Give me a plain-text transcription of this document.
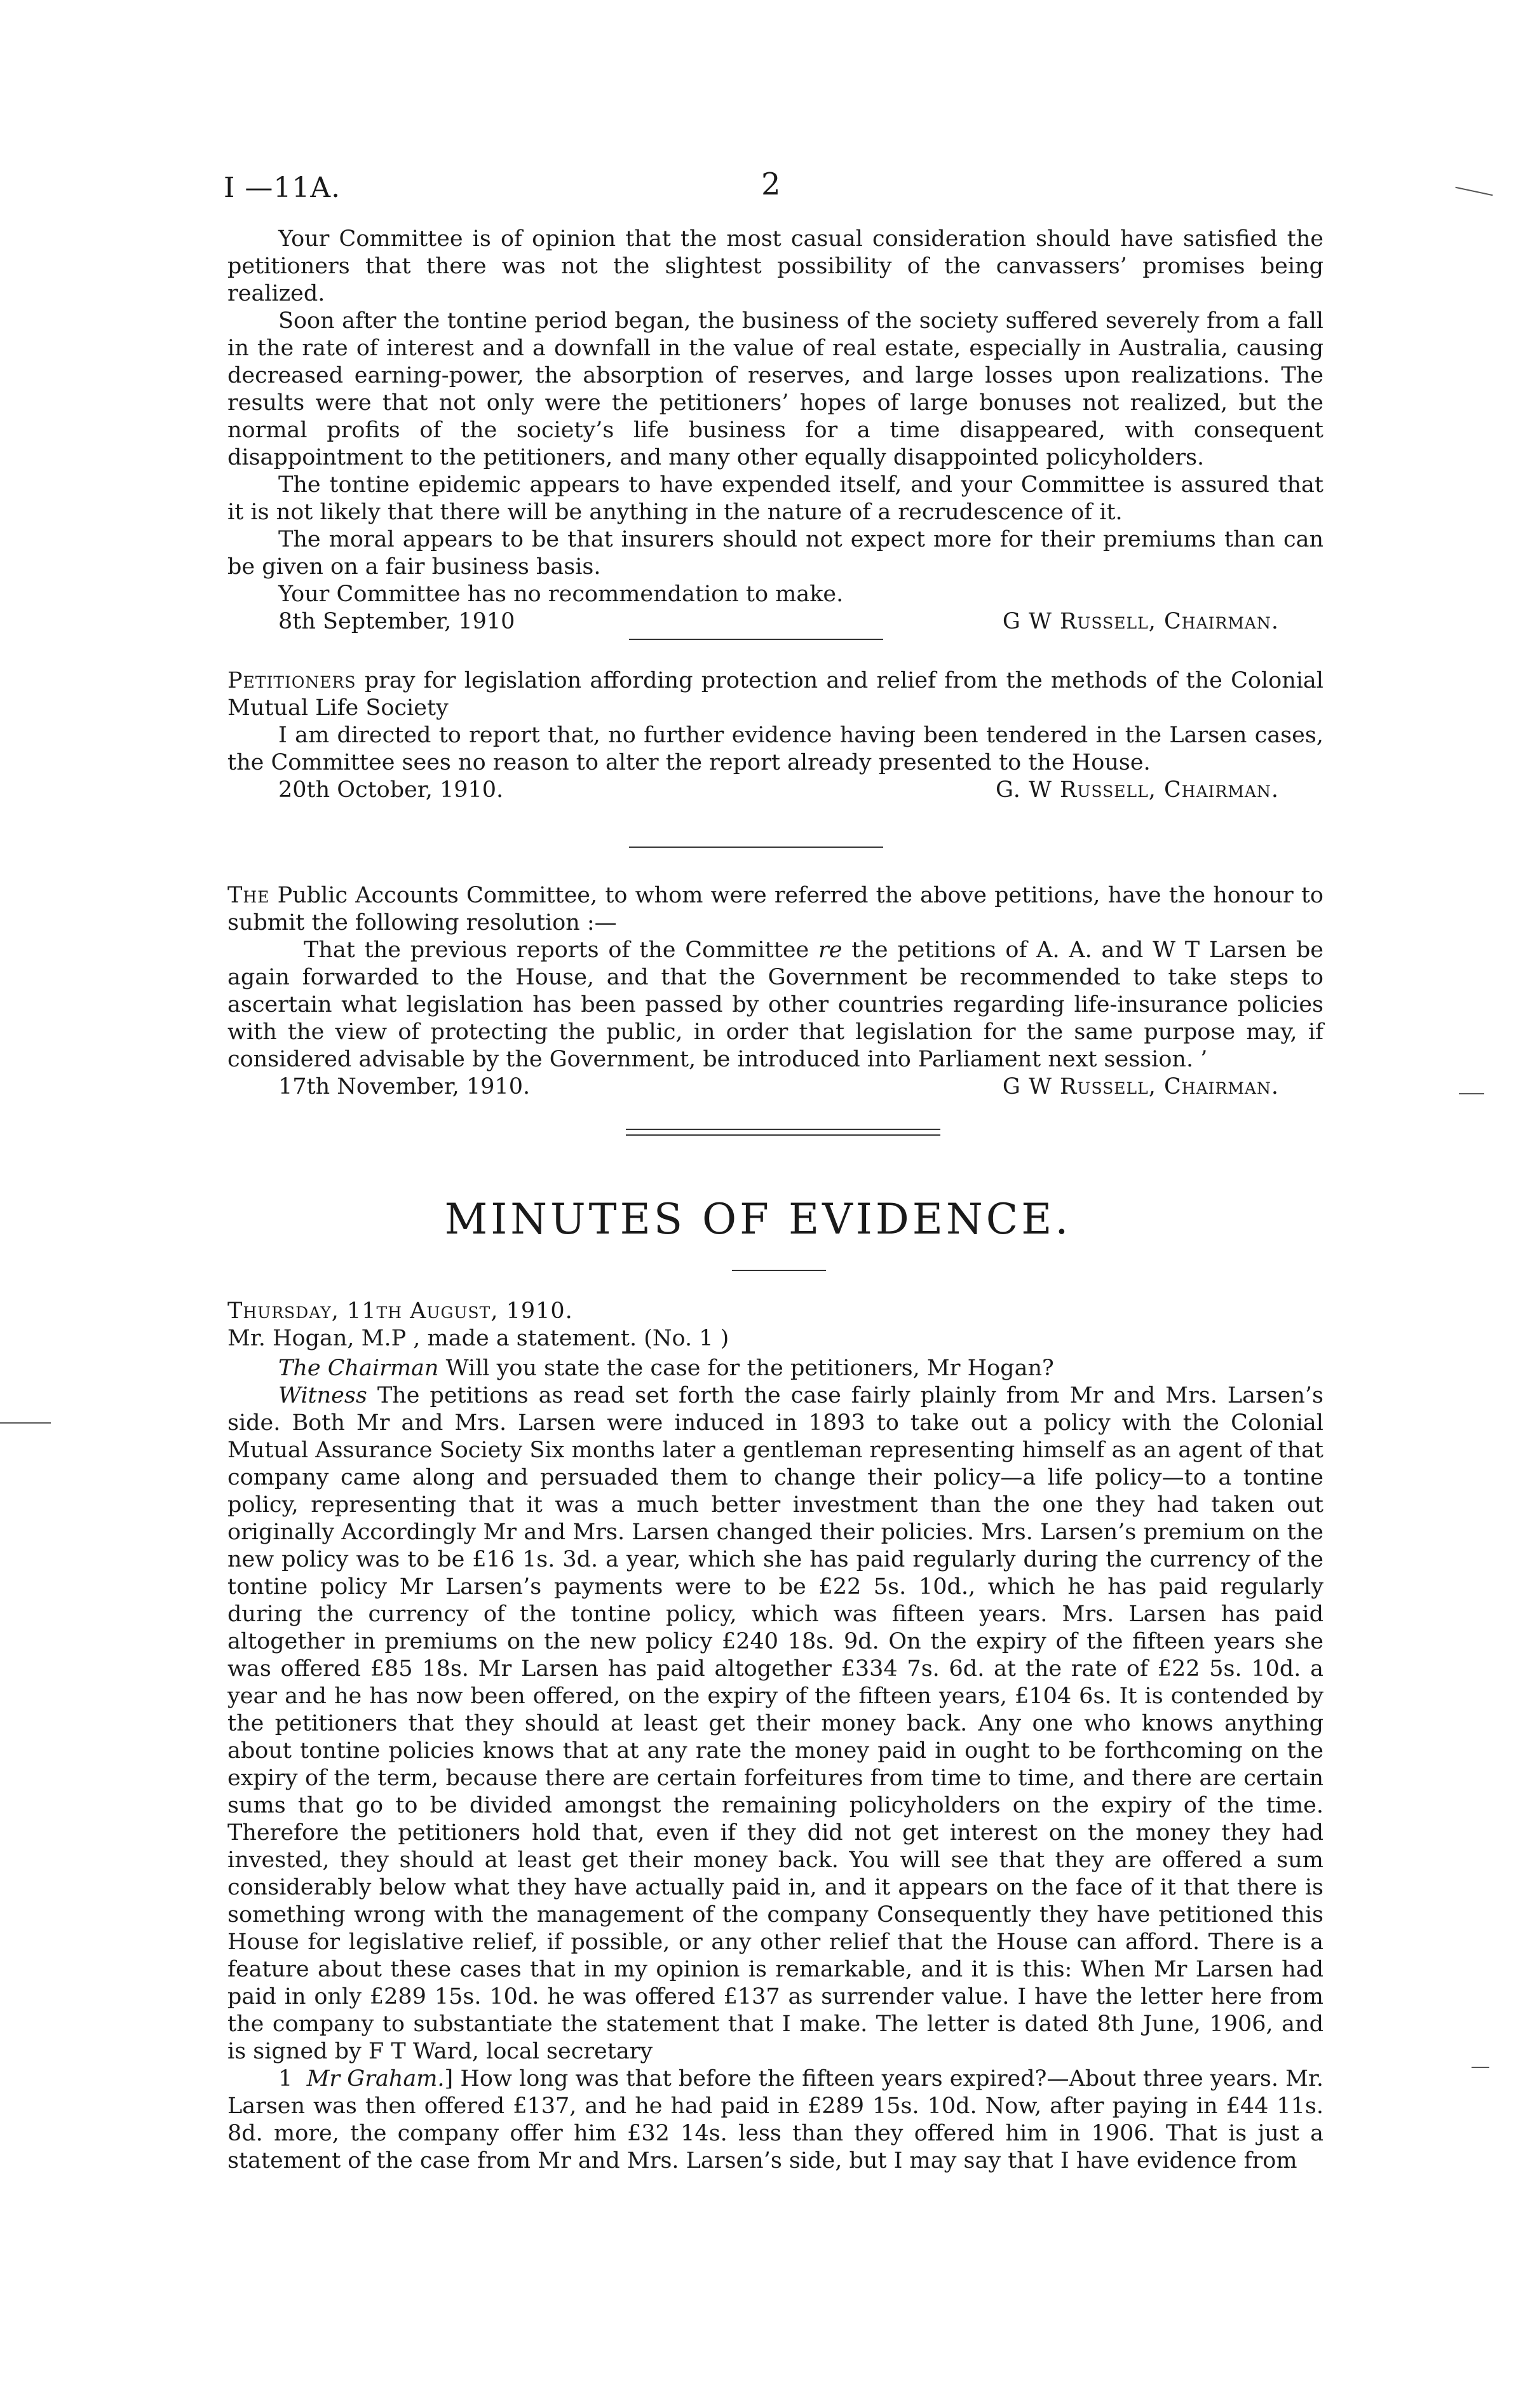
I —11A.	2

Your Committee is of opinion that the most casual consideration should have satisfied the petitioners that there was not the slightest possibility of the canvassers’ promises being realized.

Soon after the tontine period began, the business of the society suffered severely from a fall in the rate of interest and a downfall in the value of real estate, especially in Australia, causing decreased earning-power, the absorption of reserves, and large losses upon realizations. The results were that not only were the petitioners’ hopes of large bonuses not realized, but the normal profits of the society’s life business for a time disappeared, with consequent disappointment to the petitioners, and many other equally disappointed policyholders.

The tontine epidemic appears to have expended itself, and your Committee is assured that it is not likely that there will be anything in the nature of a recrudescence of it.

The moral appears to be that insurers should not expect more for their premiums than can be given on a fair business basis.

Your Committee has no recommendation to make.

8th September, 1910	G W Russell, Chairman.

Petitioners pray for legislation affording protection and relief from the methods of the Colonial Mutual Life Society

I am directed to report that, no further evidence having been tendered in the Larsen cases, the Committee sees no reason to alter the report already presented to the House.

20th October, 1910.	G. W Russell, Chairman.

The Public Accounts Committee, to whom were referred the above petitions, have the honour to submit the following resolution :—

That the previous reports of the Committee re the petitions of A. A. and W T Larsen be again forwarded to the House, and that the Government be recommended to take steps to ascertain what legislation has been passed by other countries regarding life-insurance policies with the view of protecting the public, in order that legislation for the same purpose may, if considered advisable by the Government, be introduced into Parliament next session. ’

17th November, 1910.	G W Russell, Chairman.
MINUTES OF EVIDENCE.

Thursday, 11th August, 1910.

Mr. Hogan, M.P , made a statement. (No. 1 )

The Chairman Will you state the case for the petitioners, Mr Hogan?

Witness The petitions as read set forth the case fairly plainly from Mr and Mrs. Larsen’s side. Both Mr and Mrs. Larsen were induced in 1893 to take out a policy with the Colonial Mutual Assurance Society Six months later a gentleman representing himself as an agent of that company came along and persuaded them to change their policy—a life policy—to a tontine policy, representing that it was a much better investment than the one they had taken out originally Accordingly Mr and Mrs. Larsen changed their policies. Mrs. Larsen’s premium on the new policy was to be £16 1s. 3d. a year, which she has paid regularly during the currency of the tontine policy Mr Larsen’s payments were to be £22 5s. 10d., which he has paid regularly during the currency of the tontine policy, which was fifteen years. Mrs. Larsen has paid altogether in premiums on the new policy £240 18s. 9d. On the expiry of the fifteen years she was offered £85 18s. Mr Larsen has paid altogether £334 7s. 6d. at the rate of £22 5s. 10d. a year and he has now been offered, on the expiry of the fifteen years, £104 6s. It is contended by the petitioners that they should at least get their money back. Any one who knows anything about tontine policies knows that at any rate the money paid in ought to be forthcoming on the expiry of the term, because there are certain forfeitures from time to time, and there are certain sums that go to be divided amongst the remaining policyholders on the expiry of the time. Therefore the petitioners hold that, even if they did not get interest on the money they had invested, they should at least get their money back. You will see that they are offered a sum considerably below what they have actually paid in, and it appears on the face of it that there is something wrong with the management of the company Consequently they have petitioned this House for legislative relief, if possible, or any other relief that the House can afford. There is a feature about these cases that in my opinion is remarkable, and it is this: When Mr Larsen had paid in only £289 15s. 10d. he was offered £137 as surrender value. I have the letter here from the company to substantiate the statement that I make. The letter is dated 8th June, 1906, and is signed by F T Ward, local secretary

1 Mr Graham.] How long was that before the fifteen years expired?—About three years. Mr. Larsen was then offered £137, and he had paid in £289 15s. 10d. Now, after paying in £44 11s. 8d. more, the company offer him £32 14s. less than they offered him in 1906. That is just a statement of the case from Mr and Mrs. Larsen’s side, but I may say that I have evidence from
